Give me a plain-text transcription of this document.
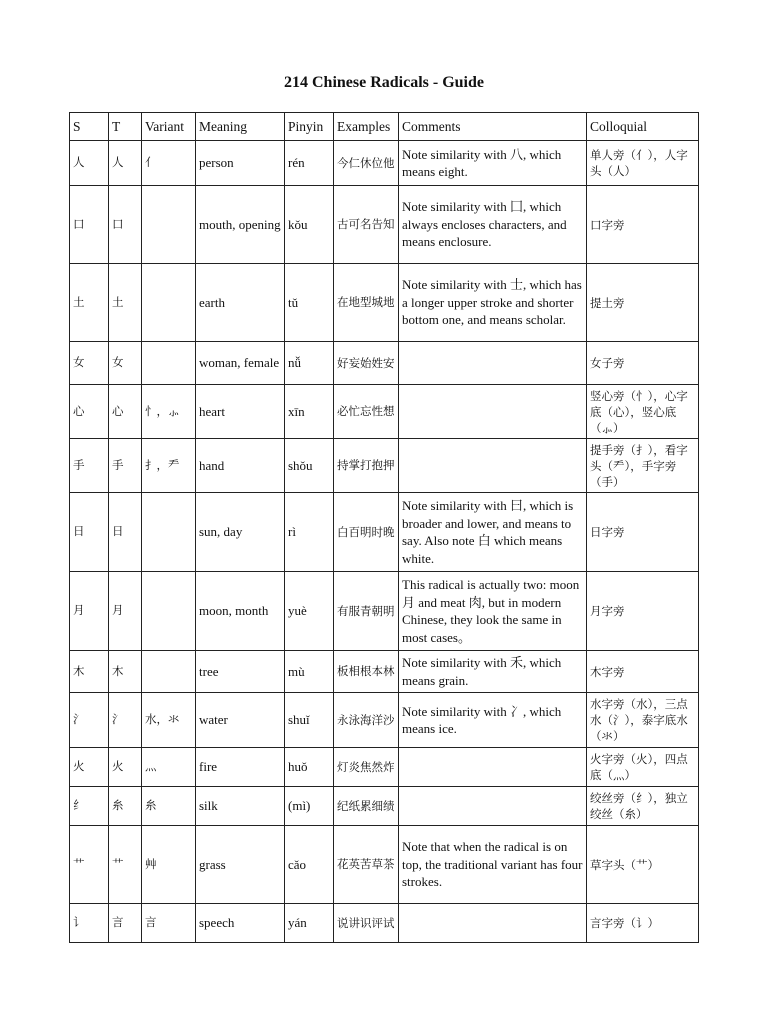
214 Chinese Radicals - Guide
S	T	Variant	Meaning	Pinyin	Examples	Comments	Colloquial
人	人	亻	person	rén	今仁休位他	Note similarity with 八, which means eight.	单人旁（亻），人字头（人）
口	口		mouth, opening	kǒu	古可名告知	Note similarity with 囗, which always encloses characters, and means enclosure.	口字旁
土	土		earth	tǔ	在地型城地	Note similarity with 士, which has a longer upper stroke and shorter bottom one, and means scholar.	提土旁
女	女		woman, female	nǚ	好妄始姓安		女子旁
心	心	忄，⺗	heart	xīn	必忙忘性想		竖心旁（忄），心字底（心），竖心底（⺗）
手	手	扌，龵	hand	shǒu	持掌打抱押		提手旁（扌），看字头（龵），手字旁（手）
日	日		sun, day	rì	白百明时晚	Note similarity with 曰, which is broader and lower, and means to say. Also note 白 which means white.	日字旁
月	月		moon, month	yuè	有服青朝明	This radical is actually two: moon 月 and meat 肉, but in modern Chinese, they look the same in most cases。	月字旁
木	木		tree	mù	板相根本林	Note similarity with 禾, which means grain.	木字旁
氵	氵	水，氺	water	shuǐ	永泳海洋沙	Note similarity with 冫, which means ice.	水字旁（水），三点水（氵），泰字底水（氺）
火	火	灬	fire	huǒ	灯炎焦然炸		火字旁（火），四点底（灬）
纟	糸	糸	silk	(mì)	纪纸累细绩		绞丝旁（纟），独立绞丝（糸）
艹	艹	艸	grass	cǎo	花英苦草茶	Note that when the radical is on top, the traditional variant has four strokes.	草字头（艹）
讠	言	言	speech	yán	说讲识评试		言字旁（讠）
